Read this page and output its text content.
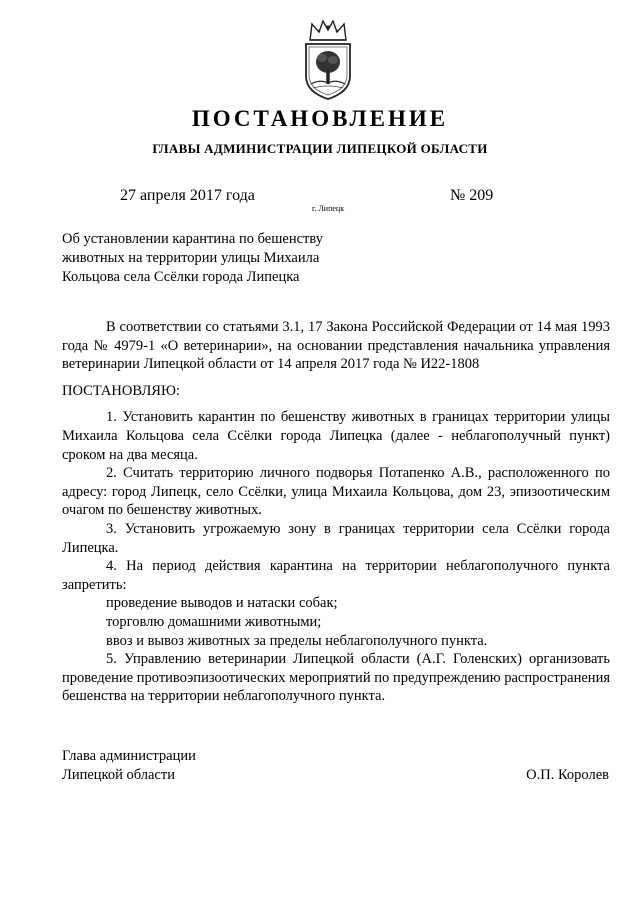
ПОСТАНОВЛЕНИЕ
ГЛАВЫ АДМИНИСТРАЦИИ ЛИПЕЦКОЙ ОБЛАСТИ
27 апреля 2017 года
г. Липецк
№ 209
Об установлении карантина по бешенству
животных на территории улицы Михаила
Кольцова села Ссёлки города Липецка

В соответствии со статьями 3.1, 17 Закона Российской Федерации от 14 мая 1993 года № 4979-1 «О ветеринарии», на основании представления начальника управления ветеринарии Липецкой области от 14 апреля 2017 года № И22-1808

ПОСТАНОВЛЯЮ:

1. Установить карантин по бешенству животных в границах территории улицы Михаила Кольцова села Ссёлки города Липецка (далее - неблагополучный пункт) сроком на два месяца.

2. Считать территорию личного подворья Потапенко А.В., расположенного по адресу: город Липецк, село Ссёлки, улица Михаила Кольцова, дом 23, эпизоотическим очагом по бешенству животных.

3. Установить угрожаемую зону в границах территории села Ссёлки города Липецка.

4. На период действия карантина на территории неблагополучного пункта запретить:

проведение выводов и натаски собак;

торговлю домашними животными;

ввоз и вывоз животных за пределы неблагополучного пункта.

5. Управлению ветеринарии Липецкой области (А.Г. Голенских) организовать проведение противоэпизоотических мероприятий по предупреждению распространения бешенства на территории неблагополучного пункта.

Глава администрации
Липецкой области	О.П. Королев
